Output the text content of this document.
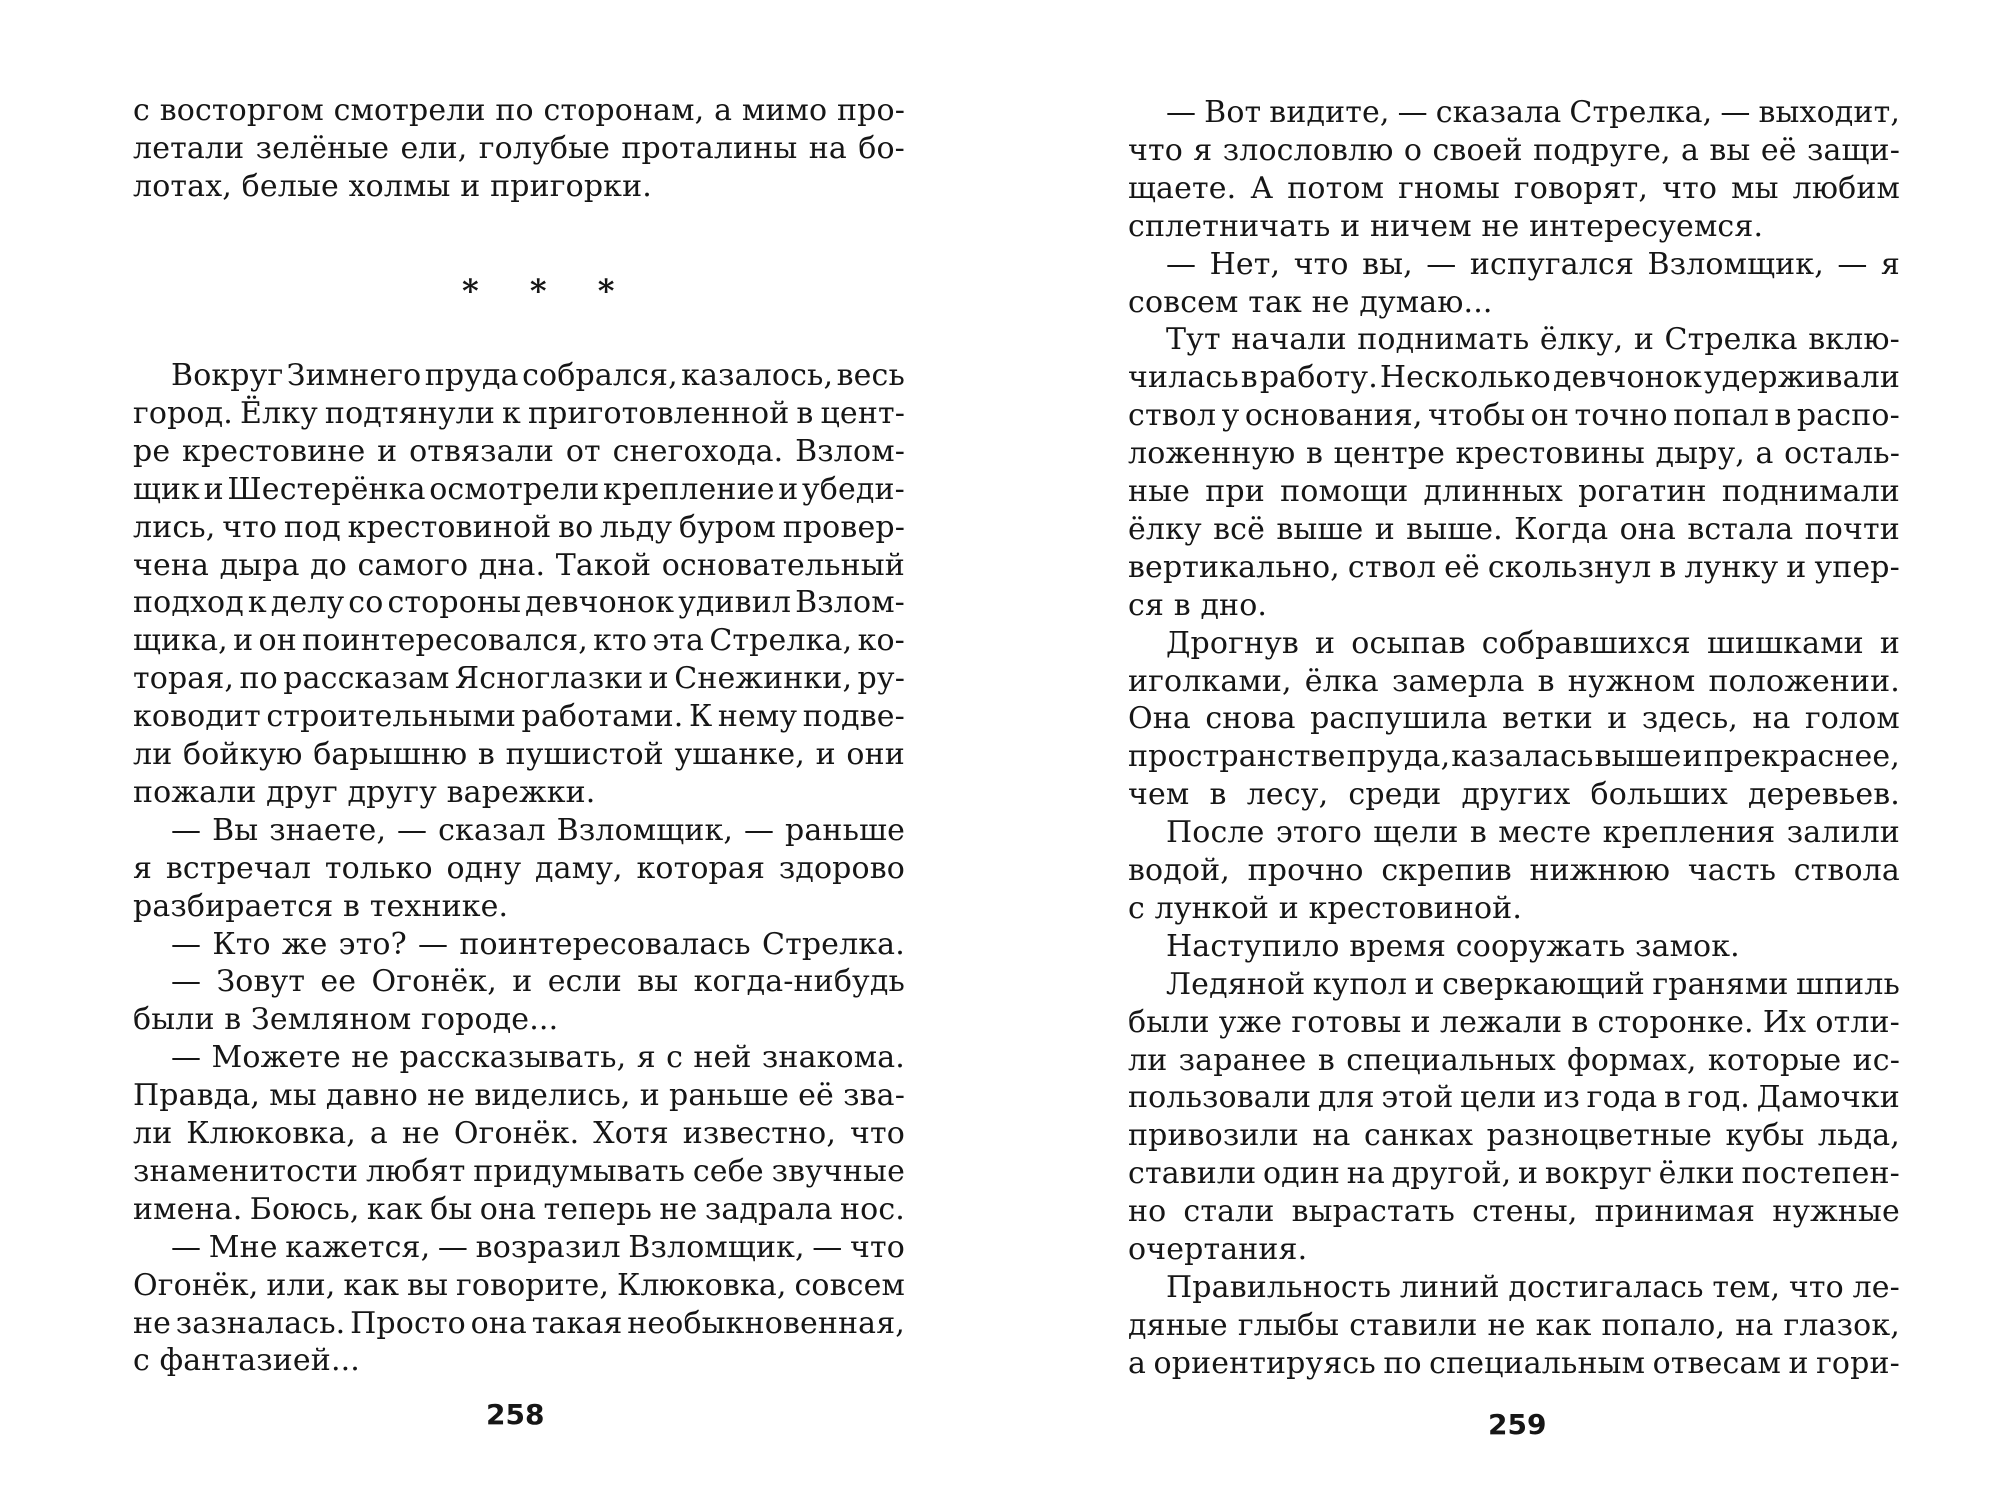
с восторгом смотрели по сторонам, а мимо про-
летали зелёные ели, голубые проталины на бо-
лотах, белые холмы и пригорки.
Вокруг Зимнего пруда собрался, казалось, весь
город. Ёлку подтянули к приготовленной в цент-
ре крестовине и отвязали от снегохода. Взлом-
щик и Шестерёнка осмотрели крепление и убеди-
лись, что под крестовиной во льду буром провер-
чена дыра до самого дна. Такой основательный
подход к делу со стороны девчонок удивил Взлом-
щика, и он поинтересовался, кто эта Стрелка, ко-
торая, по рассказам Ясноглазки и Снежинки, ру-
ководит строительными работами. К нему подве-
ли бойкую барышню в пушистой ушанке, и они
пожали друг другу варежки.
— Вы знаете, — сказал Взломщик, — раньше
я встречал только одну даму, которая здорово
разбирается в технике.
— Кто же это? — поинтересовалась Стрелка.
— Зовут ее Огонёк, и если вы когда-нибудь
были в Земляном городе...
— Можете не рассказывать, я с ней знакома.
Правда, мы давно не виделись, и раньше её зва-
ли Клюковка, а не Огонёк. Хотя известно, что
знаменитости любят придумывать себе звучные
имена. Боюсь, как бы она теперь не задрала нос.
— Мне кажется, — возразил Взломщик, — что
Огонёк, или, как вы говорите, Клюковка, совсем
не зазналась. Просто она такая необыкновенная,
с фантазией...
* * *
258
— Вот видите, — сказала Стрелка, — выходит,
что я злословлю о своей подруге, а вы её защи-
щаете. А потом гномы говорят, что мы любим
сплетничать и ничем не интересуемся.
— Нет, что вы, — испугался Взломщик, — я
совсем так не думаю...
Тут начали поднимать ёлку, и Стрелка вклю-
чилась в работу. Несколько девчонок удерживали
ствол у основания, чтобы он точно попал в распо-
ложенную в центре крестовины дыру, а осталь-
ные при помощи длинных рогатин поднимали
ёлку всё выше и выше. Когда она встала почти
вертикально, ствол её скользнул в лунку и упер-
ся в дно.
Дрогнув и осыпав собравшихся шишками и
иголками, ёлка замерла в нужном положении.
Она снова распушила ветки и здесь, на голом
пространстве пруда, казалась выше и прекраснее,
чем в лесу, среди других больших деревьев.
После этого щели в месте крепления залили
водой, прочно скрепив нижнюю часть ствола
с лункой и крестовиной.
Наступило время сооружать замок.
Ледяной купол и сверкающий гранями шпиль
были уже готовы и лежали в сторонке. Их отли-
ли заранее в специальных формах, которые ис-
пользовали для этой цели из года в год. Дамочки
привозили на санках разноцветные кубы льда,
ставили один на другой, и вокруг ёлки постепен-
но стали вырастать стены, принимая нужные
очертания.
Правильность линий достигалась тем, что ле-
дяные глыбы ставили не как попало, на глазок,
а ориентируясь по специальным отвесам и гори-
259
